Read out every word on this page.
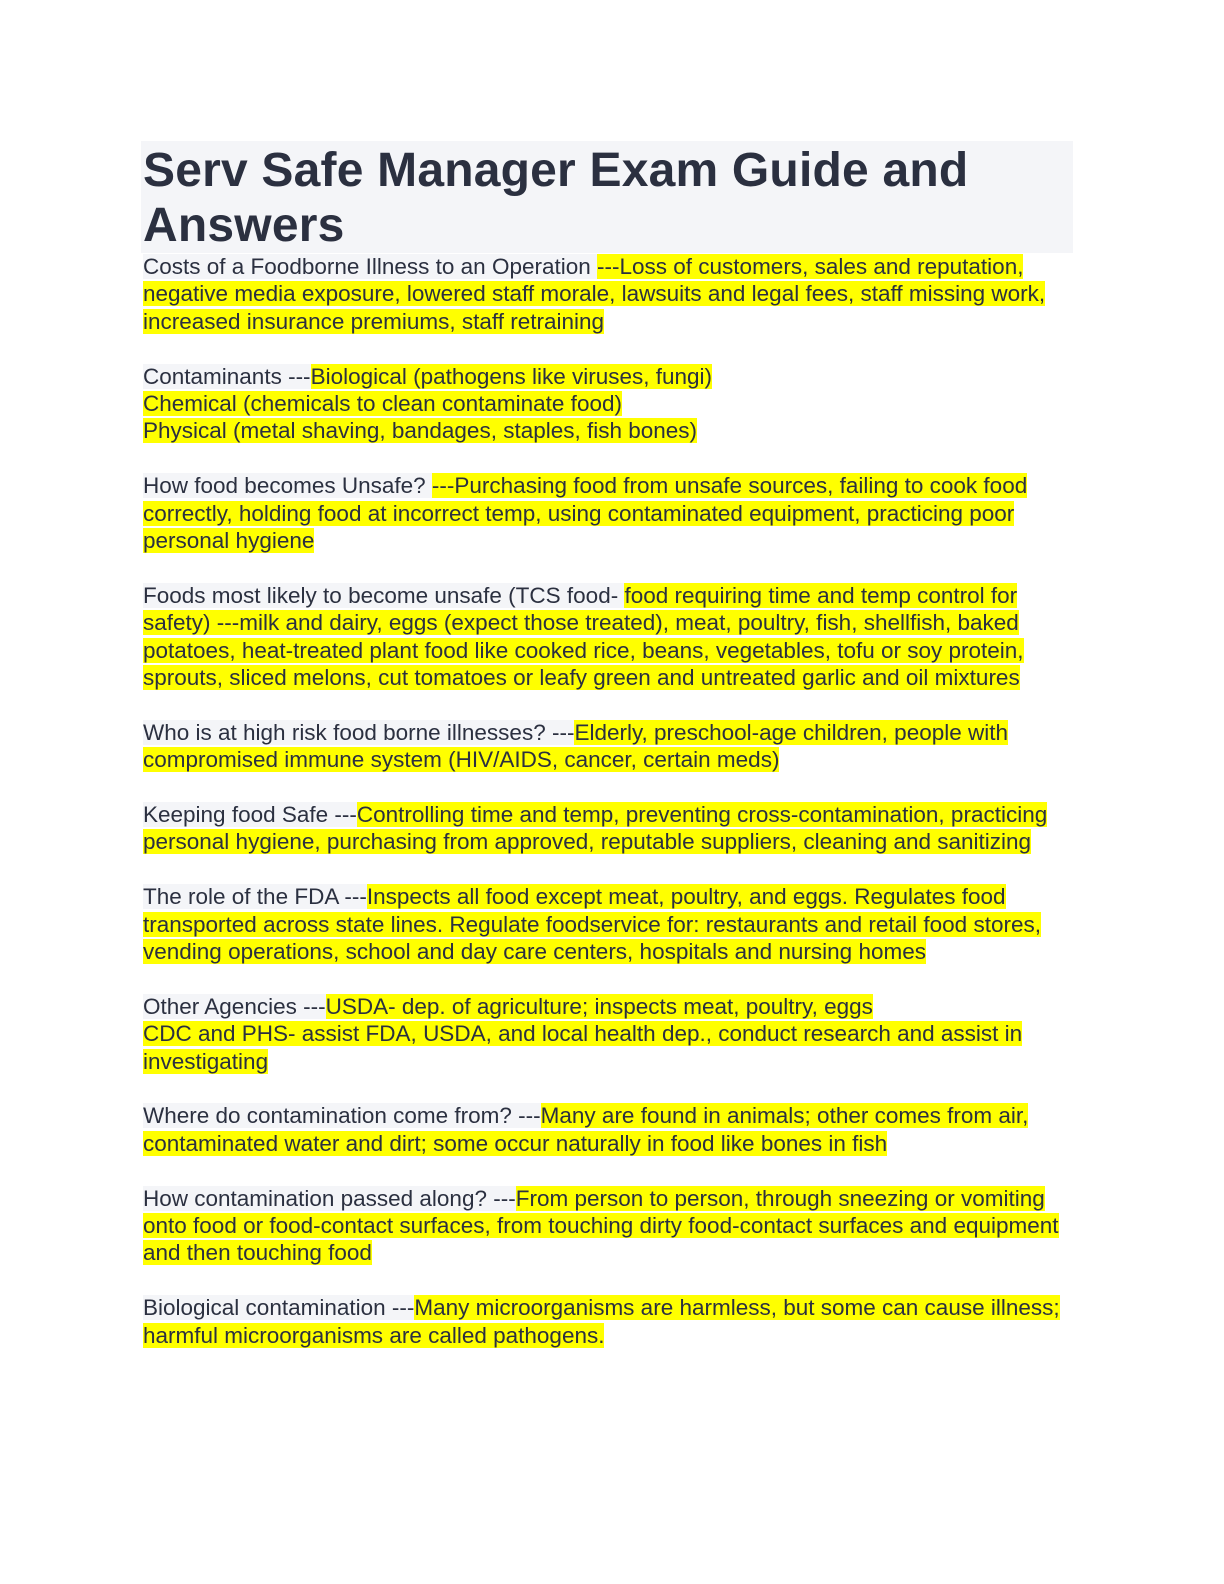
Serv Safe Manager Exam Guide and
Answers
Costs of a Foodborne Illness to an Operation ---Loss of customers, sales and reputation, negative media exposure, lowered staff morale, lawsuits and legal fees, staff missing work, increased insurance premiums, staff retraining
Contaminants ---Biological (pathogens like viruses, fungi)
Chemical (chemicals to clean contaminate food)
Physical (metal shaving, bandages, staples, fish bones)
How food becomes Unsafe? ---Purchasing food from unsafe sources, failing to cook food correctly, holding food at incorrect temp, using contaminated equipment, practicing poor personal hygiene
Foods most likely to become unsafe (TCS food- food requiring time and temp control for safety) ---milk and dairy, eggs (expect those treated), meat, poultry, fish, shellfish, baked potatoes, heat-treated plant food like cooked rice, beans, vegetables, tofu or soy protein, sprouts, sliced melons, cut tomatoes or leafy green and untreated garlic and oil mixtures
Who is at high risk food borne illnesses? ---Elderly, preschool-age children, people with compromised immune system (HIV/AIDS, cancer, certain meds)
Keeping food Safe ---Controlling time and temp, preventing cross-contamination, practicing personal hygiene, purchasing from approved, reputable suppliers, cleaning and sanitizing
The role of the FDA ---Inspects all food except meat, poultry, and eggs. Regulates food transported across state lines. Regulate foodservice for: restaurants and retail food stores, vending operations, school and day care centers, hospitals and nursing homes
Other Agencies ---USDA- dep. of agriculture; inspects meat, poultry, eggs
CDC and PHS- assist FDA, USDA, and local health dep., conduct research and assist in investigating
Where do contamination come from? ---Many are found in animals; other comes from air, contaminated water and dirt; some occur naturally in food like bones in fish
How contamination passed along? ---From person to person, through sneezing or vomiting onto food or food-contact surfaces, from touching dirty food-contact surfaces and equipment and then touching food
Biological contamination ---Many microorganisms are harmless, but some can cause illness; harmful microorganisms are called pathogens.
